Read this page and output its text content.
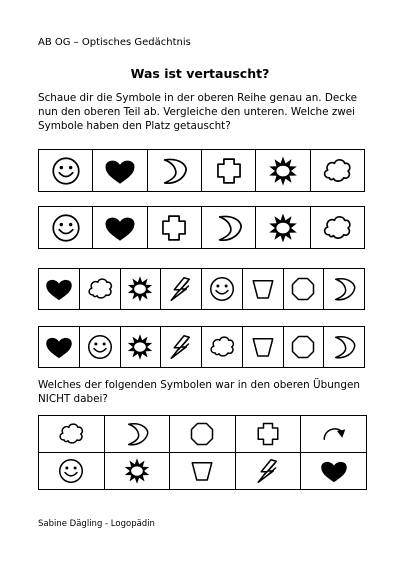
AB OG – Optisches Gedächtnis
Was ist vertauscht?
Schaue dir die Symbole in der oberen Reihe genau an. Decke nun den oberen Teil ab. Vergleiche den unteren. Welche zwei Symbole haben den Platz getauscht?
Welches der folgenden Symbolen war in den oberen Übungen NICHT dabei?
Sabine Dägling - Logopädin
